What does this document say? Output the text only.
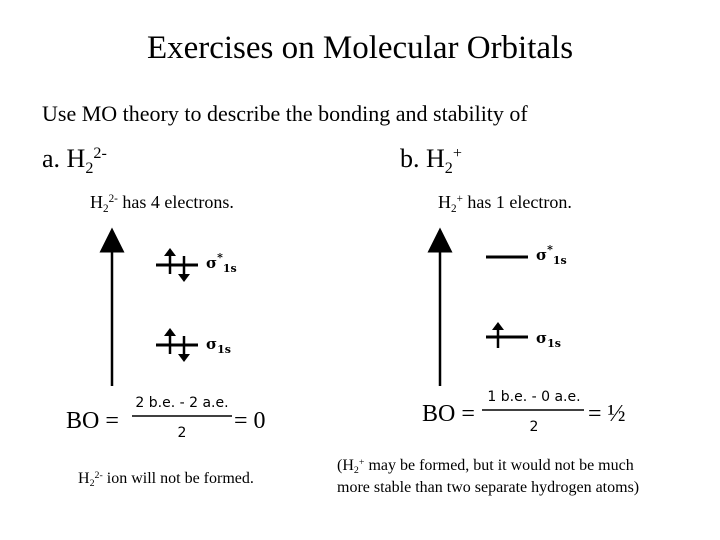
Exercises on Molecular Orbitals
Use MO theory to describe the bonding and stability of
a. $H_2^{2-}$	b. $H_2^+$
$H_2^{2-}$ has 4 electrons.	$H_2^+$ has 1 electron.
$\sigma^*_{1s}$
$\sigma_{1s}$
$\sigma^*_{1s}$
$\sigma_{1s}$
BO =
2 b.e. - 2 a.e.
2	= 0	BO =
1 b.e. - 0 a.e.
2	= ½
$H_2^{2-}$ ion will not be formed.
($H_2^+$ may be formed, but it would not be much
more stable than two separate hydrogen atoms)
